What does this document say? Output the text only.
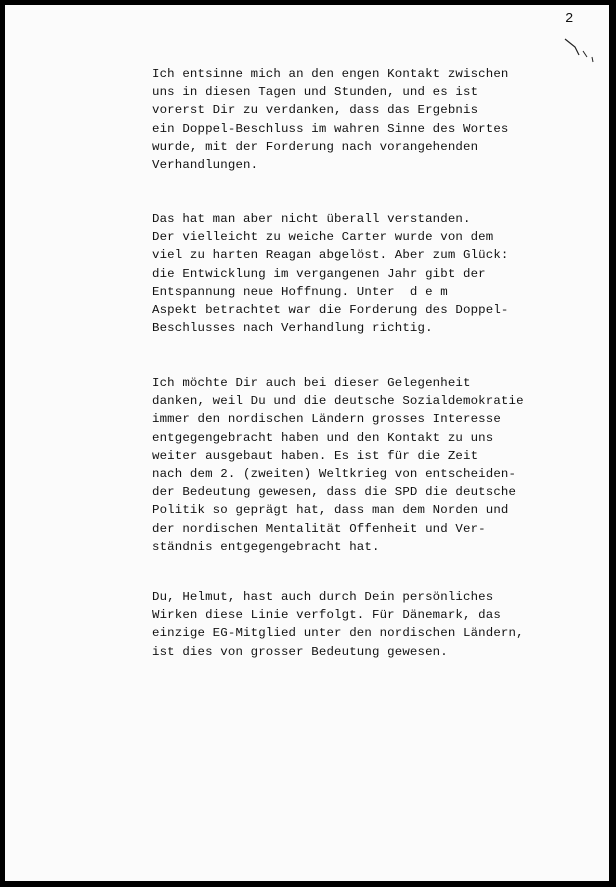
2
Ich entsinne mich an den engen Kontakt zwischen
uns in diesen Tagen und Stunden, und es ist
vorerst Dir zu verdanken, dass das Ergebnis
ein Doppel-Beschluss im wahren Sinne des Wortes
wurde, mit der Forderung nach vorangehenden
Verhandlungen.
Das hat man aber nicht überall verstanden.
Der vielleicht zu weiche Carter wurde von dem
viel zu harten Reagan abgelöst. Aber zum Glück:
die Entwicklung im vergangenen Jahr gibt der
Entspannung neue Hoffnung. Unter  d e m
Aspekt betrachtet war die Forderung des Doppel-
Beschlusses nach Verhandlung richtig.
Ich möchte Dir auch bei dieser Gelegenheit
danken, weil Du und die deutsche Sozialdemokratie
immer den nordischen Ländern grosses Interesse
entgegengebracht haben und den Kontakt zu uns
weiter ausgebaut haben. Es ist für die Zeit
nach dem 2. (zweiten) Weltkrieg von entscheiden-
der Bedeutung gewesen, dass die SPD die deutsche
Politik so geprägt hat, dass man dem Norden und
der nordischen Mentalität Offenheit und Ver-
ständnis entgegengebracht hat.
Du, Helmut, hast auch durch Dein persönliches
Wirken diese Linie verfolgt. Für Dänemark, das
einzige EG-Mitglied unter den nordischen Ländern,
ist dies von grosser Bedeutung gewesen.
